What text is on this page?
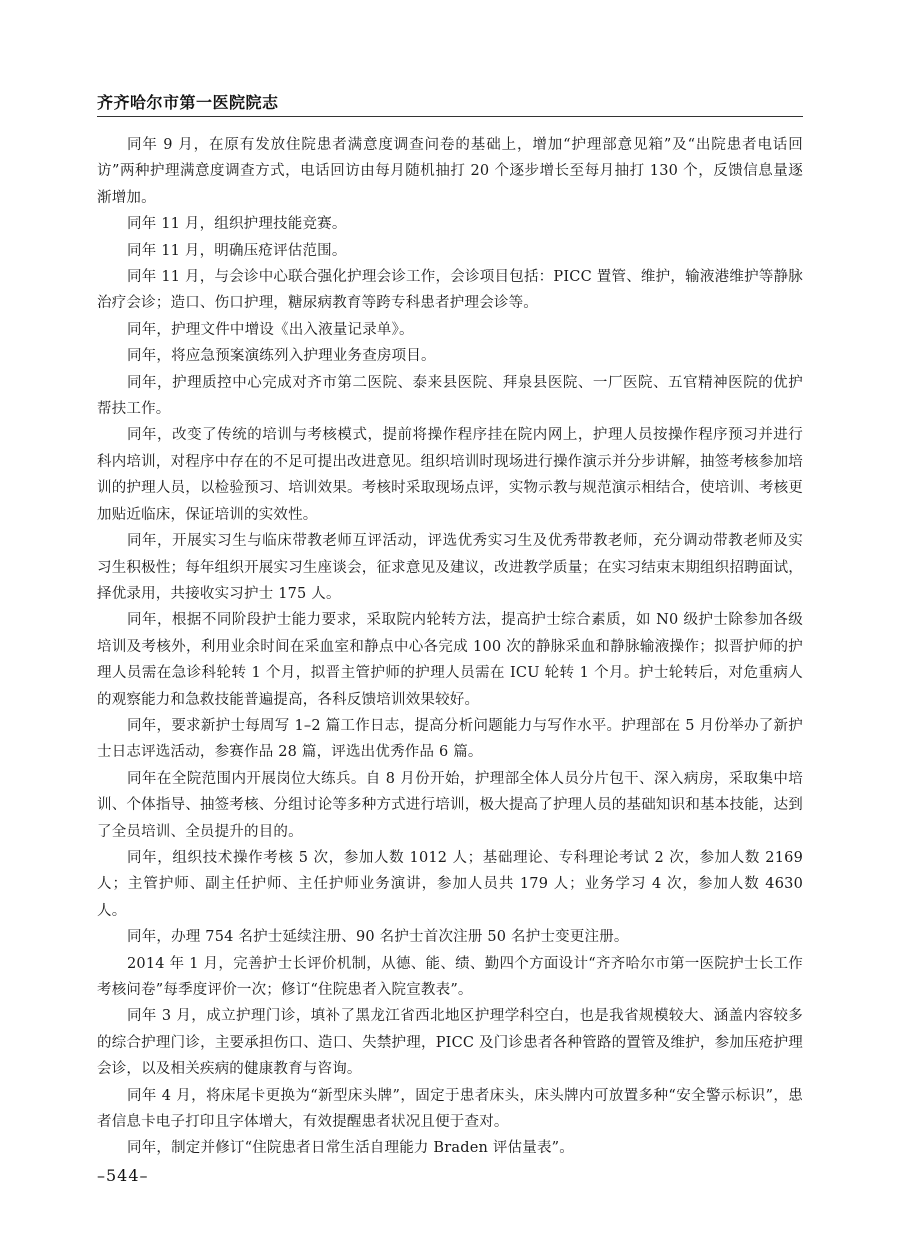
齐齐哈尔市第一医院院志

同年 9 月，在原有发放住院患者满意度调查问卷的基础上，增加“护理部意见箱”及“出院患者电话回访”两种护理满意度调查方式，电话回访由每月随机抽打 20 个逐步增长至每月抽打 130 个，反馈信息量逐渐增加。

同年 11 月，组织护理技能竞赛。

同年 11 月，明确压疮评估范围。

同年 11 月，与会诊中心联合强化护理会诊工作，会诊项目包括：PICC 置管、维护，输液港维护等静脉治疗会诊；造口、伤口护理，糖尿病教育等跨专科患者护理会诊等。

同年，护理文件中增设《出入液量记录单》。

同年，将应急预案演练列入护理业务查房项目。

同年，护理质控中心完成对齐市第二医院、泰来县医院、拜泉县医院、一厂医院、五官精神医院的优护帮扶工作。

同年，改变了传统的培训与考核模式，提前将操作程序挂在院内网上，护理人员按操作程序预习并进行科内培训，对程序中存在的不足可提出改进意见。组织培训时现场进行操作演示并分步讲解，抽签考核参加培训的护理人员，以检验预习、培训效果。考核时采取现场点评，实物示教与规范演示相结合，使培训、考核更加贴近临床，保证培训的实效性。

同年，开展实习生与临床带教老师互评活动，评选优秀实习生及优秀带教老师，充分调动带教老师及实习生积极性；每年组织开展实习生座谈会，征求意见及建议，改进教学质量；在实习结束末期组织招聘面试，择优录用，共接收实习护士 175 人。

同年，根据不同阶段护士能力要求，采取院内轮转方法，提高护士综合素质，如 N0 级护士除参加各级培训及考核外，利用业余时间在采血室和静点中心各完成 100 次的静脉采血和静脉输液操作；拟晋护师的护理人员需在急诊科轮转 1 个月，拟晋主管护师的护理人员需在 ICU 轮转 1 个月。护士轮转后，对危重病人的观察能力和急救技能普遍提高，各科反馈培训效果较好。

同年，要求新护士每周写 1–2 篇工作日志，提高分析问题能力与写作水平。护理部在 5 月份举办了新护士日志评选活动，参赛作品 28 篇，评选出优秀作品 6 篇。

同年在全院范围内开展岗位大练兵。自 8 月份开始，护理部全体人员分片包干、深入病房，采取集中培训、个体指导、抽签考核、分组讨论等多种方式进行培训，极大提高了护理人员的基础知识和基本技能，达到了全员培训、全员提升的目的。

同年，组织技术操作考核 5 次，参加人数 1012 人；基础理论、专科理论考试 2 次，参加人数 2169 人；主管护师、副主任护师、主任护师业务演讲，参加人员共 179 人；业务学习 4 次，参加人数 4630 人。

同年，办理 754 名护士延续注册、90 名护士首次注册 50 名护士变更注册。

2014 年 1 月，完善护士长评价机制，从德、能、绩、勤四个方面设计“齐齐哈尔市第一医院护士长工作考核问卷”每季度评价一次；修订“住院患者入院宣教表”。

同年 3 月，成立护理门诊，填补了黑龙江省西北地区护理学科空白，也是我省规模较大、涵盖内容较多的综合护理门诊，主要承担伤口、造口、失禁护理，PICC 及门诊患者各种管路的置管及维护，参加压疮护理会诊，以及相关疾病的健康教育与咨询。

同年 4 月，将床尾卡更换为“新型床头牌”，固定于患者床头，床头牌内可放置多种“安全警示标识”，患者信息卡电子打印且字体增大，有效提醒患者状况且便于查对。

同年，制定并修订“住院患者日常生活自理能力 Braden 评估量表”。

–544–
